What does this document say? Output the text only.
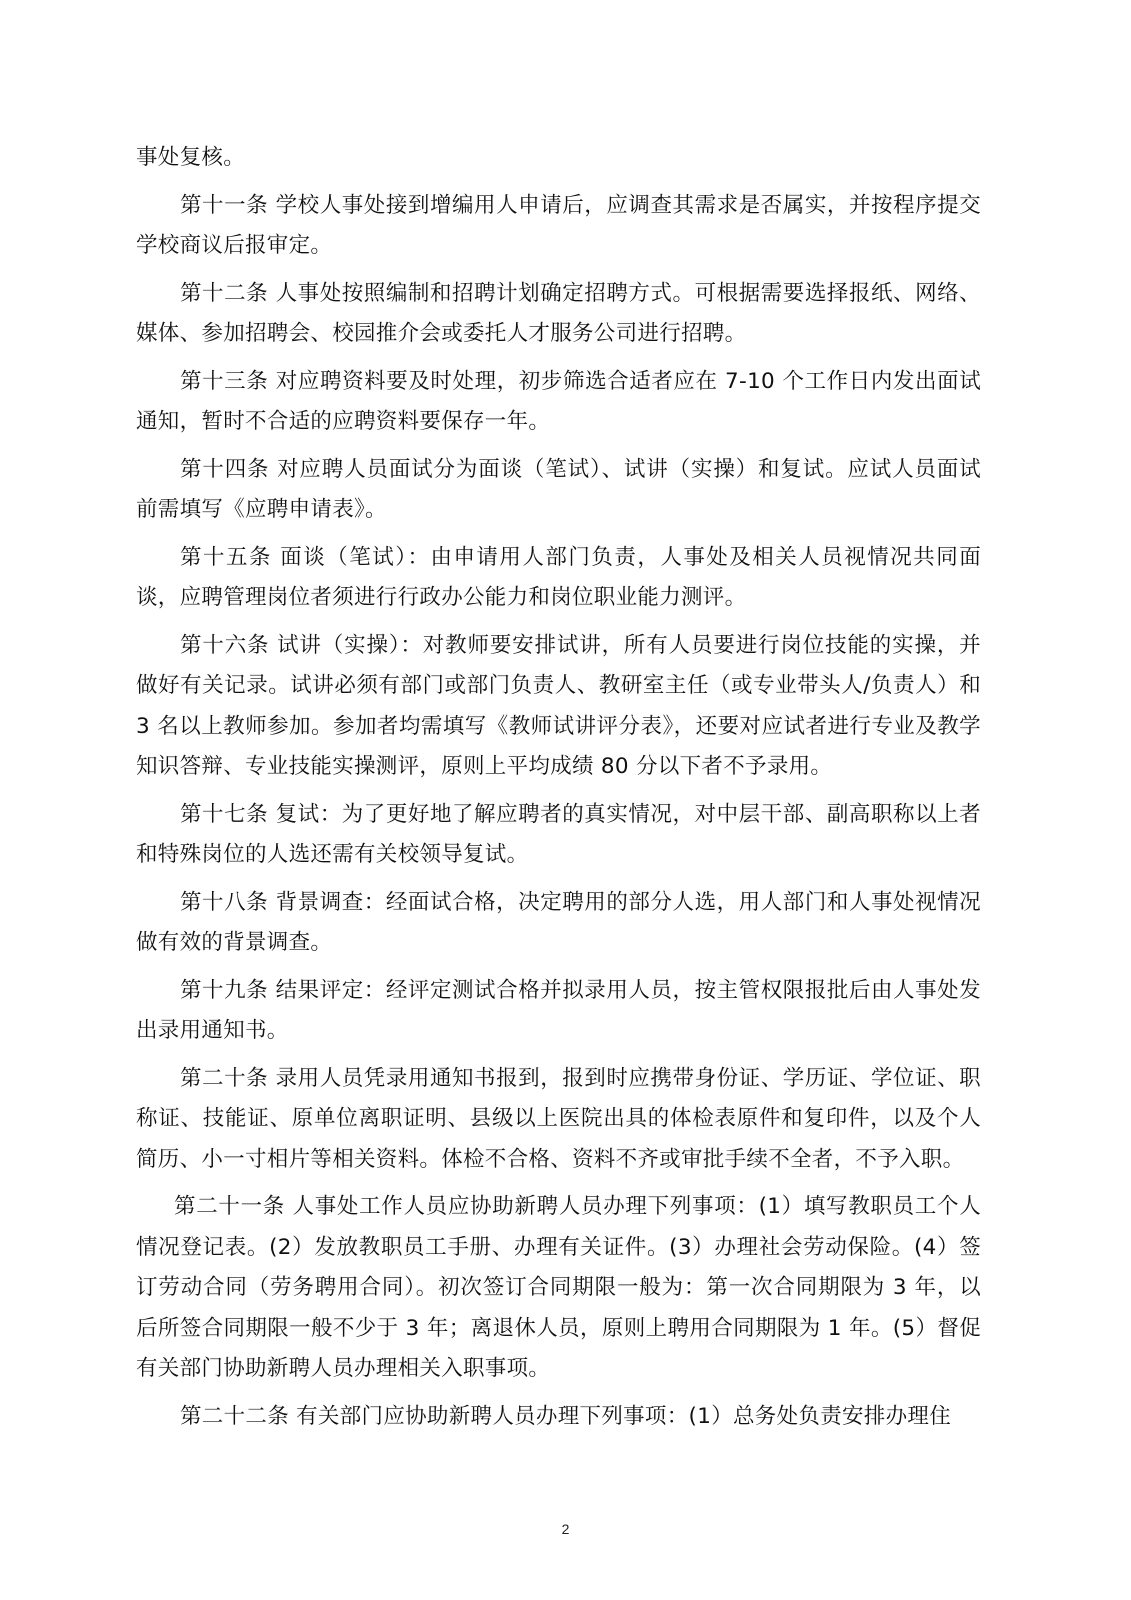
事处复核。

第十一条 学校人事处接到增编用人申请后，应调查其需求是否属实，并按程序提交学校商议后报审定。

第十二条 人事处按照编制和招聘计划确定招聘方式。可根据需要选择报纸、网络、媒体、参加招聘会、校园推介会或委托人才服务公司进行招聘。

第十三条 对应聘资料要及时处理，初步筛选合适者应在 7-10 个工作日内发出面试通知，暂时不合适的应聘资料要保存一年。

第十四条 对应聘人员面试分为面谈（笔试）、试讲（实操）和复试。应试人员面试前需填写《应聘申请表》。

第十五条 面谈（笔试）：由申请用人部门负责，人事处及相关人员视情况共同面谈，应聘管理岗位者须进行行政办公能力和岗位职业能力测评。

第十六条 试讲（实操）：对教师要安排试讲，所有人员要进行岗位技能的实操，并做好有关记录。试讲必须有部门或部门负责人、教研室主任（或专业带头人/负责人）和 3 名以上教师参加。参加者均需填写《教师试讲评分表》，还要对应试者进行专业及教学知识答辩、专业技能实操测评，原则上平均成绩 80 分以下者不予录用。

第十七条 复试：为了更好地了解应聘者的真实情况，对中层干部、副高职称以上者和特殊岗位的人选还需有关校领导复试。

第十八条 背景调查：经面试合格，决定聘用的部分人选，用人部门和人事处视情况做有效的背景调查。

第十九条 结果评定：经评定测试合格并拟录用人员，按主管权限报批后由人事处发出录用通知书。

第二十条 录用人员凭录用通知书报到，报到时应携带身份证、学历证、学位证、职称证、技能证、原单位离职证明、县级以上医院出具的体检表原件和复印件，以及个人简历、小一寸相片等相关资料。体检不合格、资料不齐或审批手续不全者，不予入职。

第二十一条 人事处工作人员应协助新聘人员办理下列事项：(1）填写教职员工个人情况登记表。(2）发放教职员工手册、办理有关证件。(3）办理社会劳动保险。(4）签订劳动合同（劳务聘用合同）。初次签订合同期限一般为：第一次合同期限为 3 年，以后所签合同期限一般不少于 3 年；离退休人员，原则上聘用合同期限为 1 年。(5）督促有关部门协助新聘人员办理相关入职事项。

第二十二条 有关部门应协助新聘人员办理下列事项：(1）总务处负责安排办理住

2
